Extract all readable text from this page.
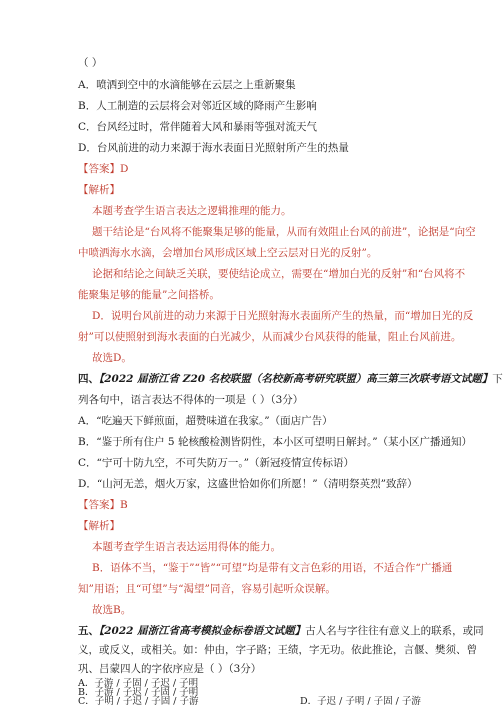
（ ）
A．喷洒到空中的水滴能够在云层之上重新聚集
B．人工制造的云层将会对邻近区域的降雨产生影响
C．台风经过时，常伴随着大风和暴雨等强对流天气
D．台风前进的动力来源于海水表面日光照射所产生的热量
【答案】D
【解析】
本题考查学生语言表达之逻辑推理的能力。
题干结论是“台风将不能聚集足够的能量，从而有效阻止台风的前进”，论据是“向空
中喷洒海水水滴，会增加台风形成区域上空云层对日光的反射”。
论据和结论之间缺乏关联，要使结论成立，需要在“增加白光的反射”和“台风将不
能聚集足够的能量”之间搭桥。
D．说明台风前进的动力来源于日光照射海水表面所产生的热量，而“增加日光的反
射”可以使照射到海水表面的白光减少，从而减少台风获得的能量，阻止台风前进。
故选D。
四、【2022 届浙江省 Z20 名校联盟（名校新高考研究联盟）高三第三次联考语文试题】下
列各句中，语言表达不得体的一项是（ ）（3分）
A．“吃遍天下鲜煎面，超赞味道在我家。”（面店广告）
B．“鉴于所有住户 5 轮核酸检测皆阴性，本小区可望明日解封。”（某小区广播通知）
C．“宁可十防九空，不可失防万一。”（新冠疫情宣传标语）
D．“山河无恙，烟火万家，这盛世恰如你们所愿！”（清明祭英烈”致辞）
【答案】B
【解析】
本题考查学生语言表达运用得体的能力。
B．语体不当，“鉴于”“皆”“可望”均是带有文言色彩的用语，不适合作“广播通
知”用语；且“可望”与“渴望”同音，容易引起听众误解。
故选B。
五、【2022 届浙江省高考模拟金标卷语文试题】古人名与字往往有意义上的联系，或同
义，或反义，或相关。如：仲由，字子路；王绩，字无功。依此推论，言偃、樊须、曾
巩、吕蒙四人的字依序应是（ ）（3分）
A．子游 / 子固 / 子迟 / 子明
B．子游 / 子迟 / 子固 / 子明
C．子明 / 子迟 / 子固 / 子游	D．子迟 / 子明 / 子固 / 子游
